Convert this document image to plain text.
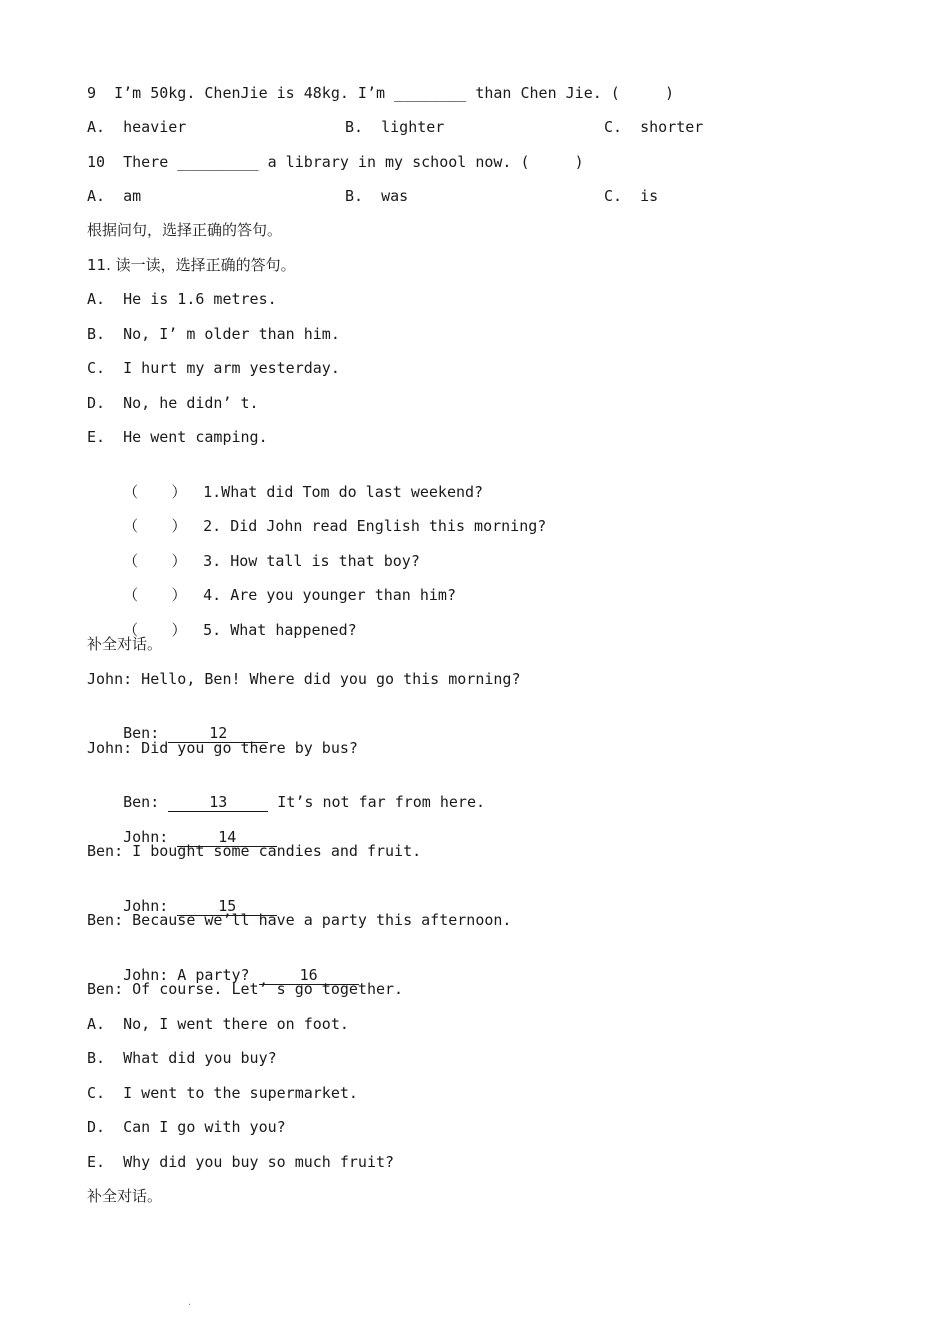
9  I’m 50kg. ChenJie is 48kg. I’m ________ than Chen Jie. (     )
A.  heavier	B.  lighter	C.  shorter
10  There _________ a library in my school now. (     )
A.  am	B.  was	C.  is
根据问句，选择正确的答句。
11. 读一读，选择正确的答句。
A.  He is 1.6 metres.
B.  No, I’ m older than him.
C.  I hurt my arm yesterday.
D.  No, he didn’ t.
E.  He went camping.

（       ） 1.What did Tom do last weekend?

（       ） 2. Did John read English this morning?

（       ） 3. How tall is that boy?

（       ） 4. Are you younger than him?

（       ） 5. What happened?

补全对话。
John: Hello, Ben! Where did you go this morning?

Ben:	12

John: Did you go there by bus?

Ben:	13	It’s not far from here.

John:	14

Ben: I bought some candies and fruit.

John:	15

Ben: Because we’ll have a party this afternoon.

John: A party?	16

Ben: Of course. Let’ s go together.
A.  No, I went there on foot.
B.  What did you buy?
C.  I went to the supermarket.
D.  Can I go with you?
E.  Why did you buy so much fruit?
补全对话。
·
